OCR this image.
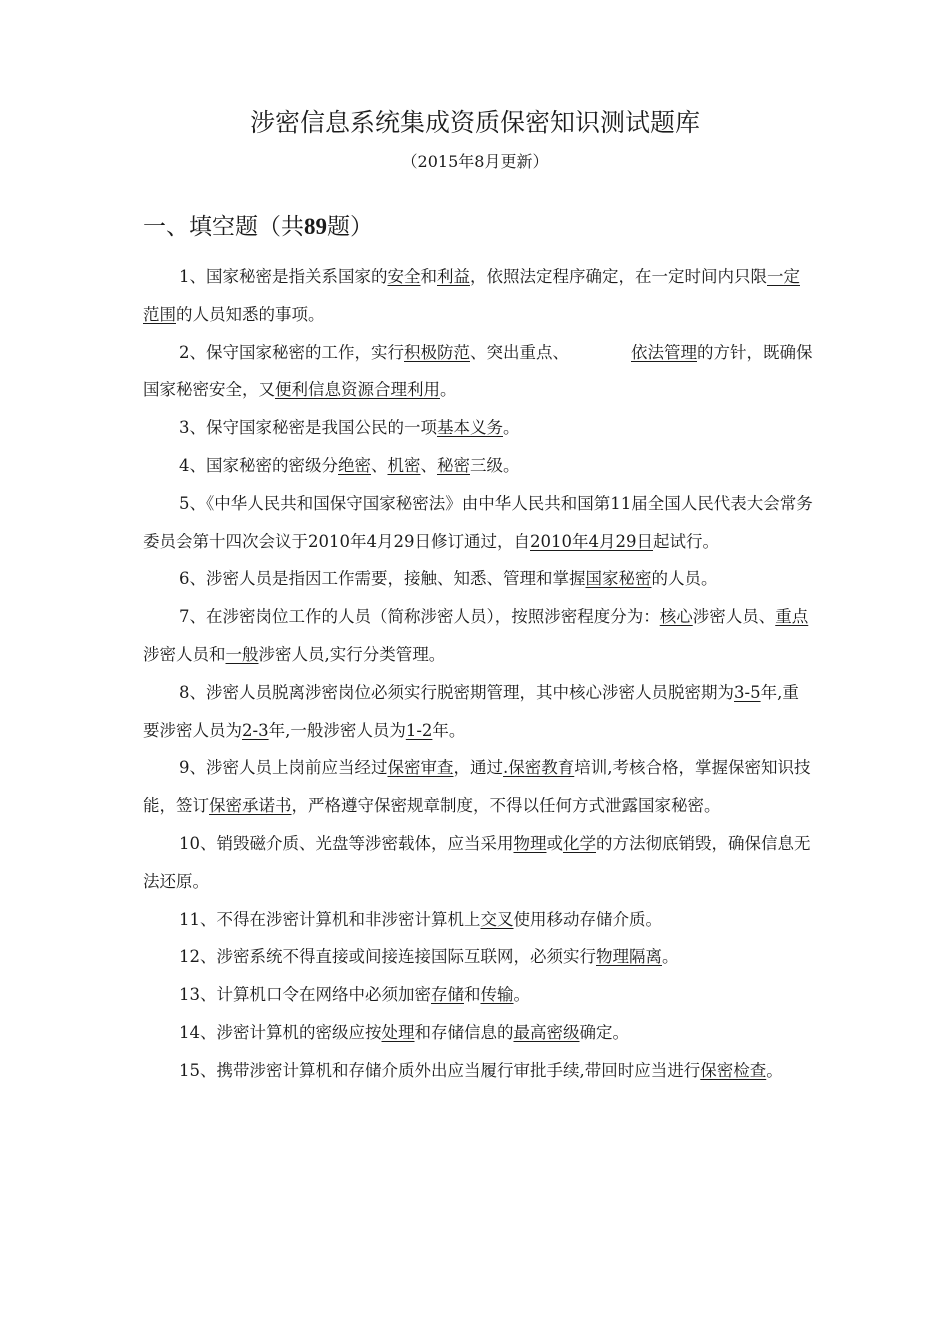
涉密信息系统集成资质保密知识测试题库
（2015年8月更新）
一、填空题（共89题）

1、国家秘密是指关系国家的安全和利益，依照法定程序确定，在一定时间内只限一定范围的人员知悉的事项。

2、保守国家秘密的工作，实行积极防范、突出重点、	依法管理的方针，既确保国家秘密安全，又便利信息资源合理利用。

3、保守国家秘密是我国公民的一项基本义务。

4、国家秘密的密级分绝密、机密、秘密三级。

5、《中华人民共和国保守国家秘密法》由中华人民共和国第11届全国人民代表大会常务委员会第十四次会议于2010年4月29日修订通过，自2010年4月29日起试行。

6、涉密人员是指因工作需要，接触、知悉、管理和掌握国家秘密的人员。

7、在涉密岗位工作的人员（简称涉密人员），按照涉密程度分为：核心涉密人员、重点涉密人员和一般涉密人员,实行分类管理。

8、涉密人员脱离涉密岗位必须实行脱密期管理，其中核心涉密人员脱密期为3-5年,重要涉密人员为2-3年,一般涉密人员为1-2年。

9、涉密人员上岗前应当经过保密审查，通过.保密教育培训,考核合格，掌握保密知识技能，签订保密承诺书，严格遵守保密规章制度，不得以任何方式泄露国家秘密。

10、销毁磁介质、光盘等涉密载体，应当采用物理或化学的方法彻底销毁，确保信息无法还原。

11、不得在涉密计算机和非涉密计算机上交叉使用移动存储介质。

12、涉密系统不得直接或间接连接国际互联网，必须实行物理隔离。

13、计算机口令在网络中必须加密存储和传输。

14、涉密计算机的密级应按处理和存储信息的最高密级确定。

15、携带涉密计算机和存储介质外出应当履行审批手续,带回时应当进行保密检查。
